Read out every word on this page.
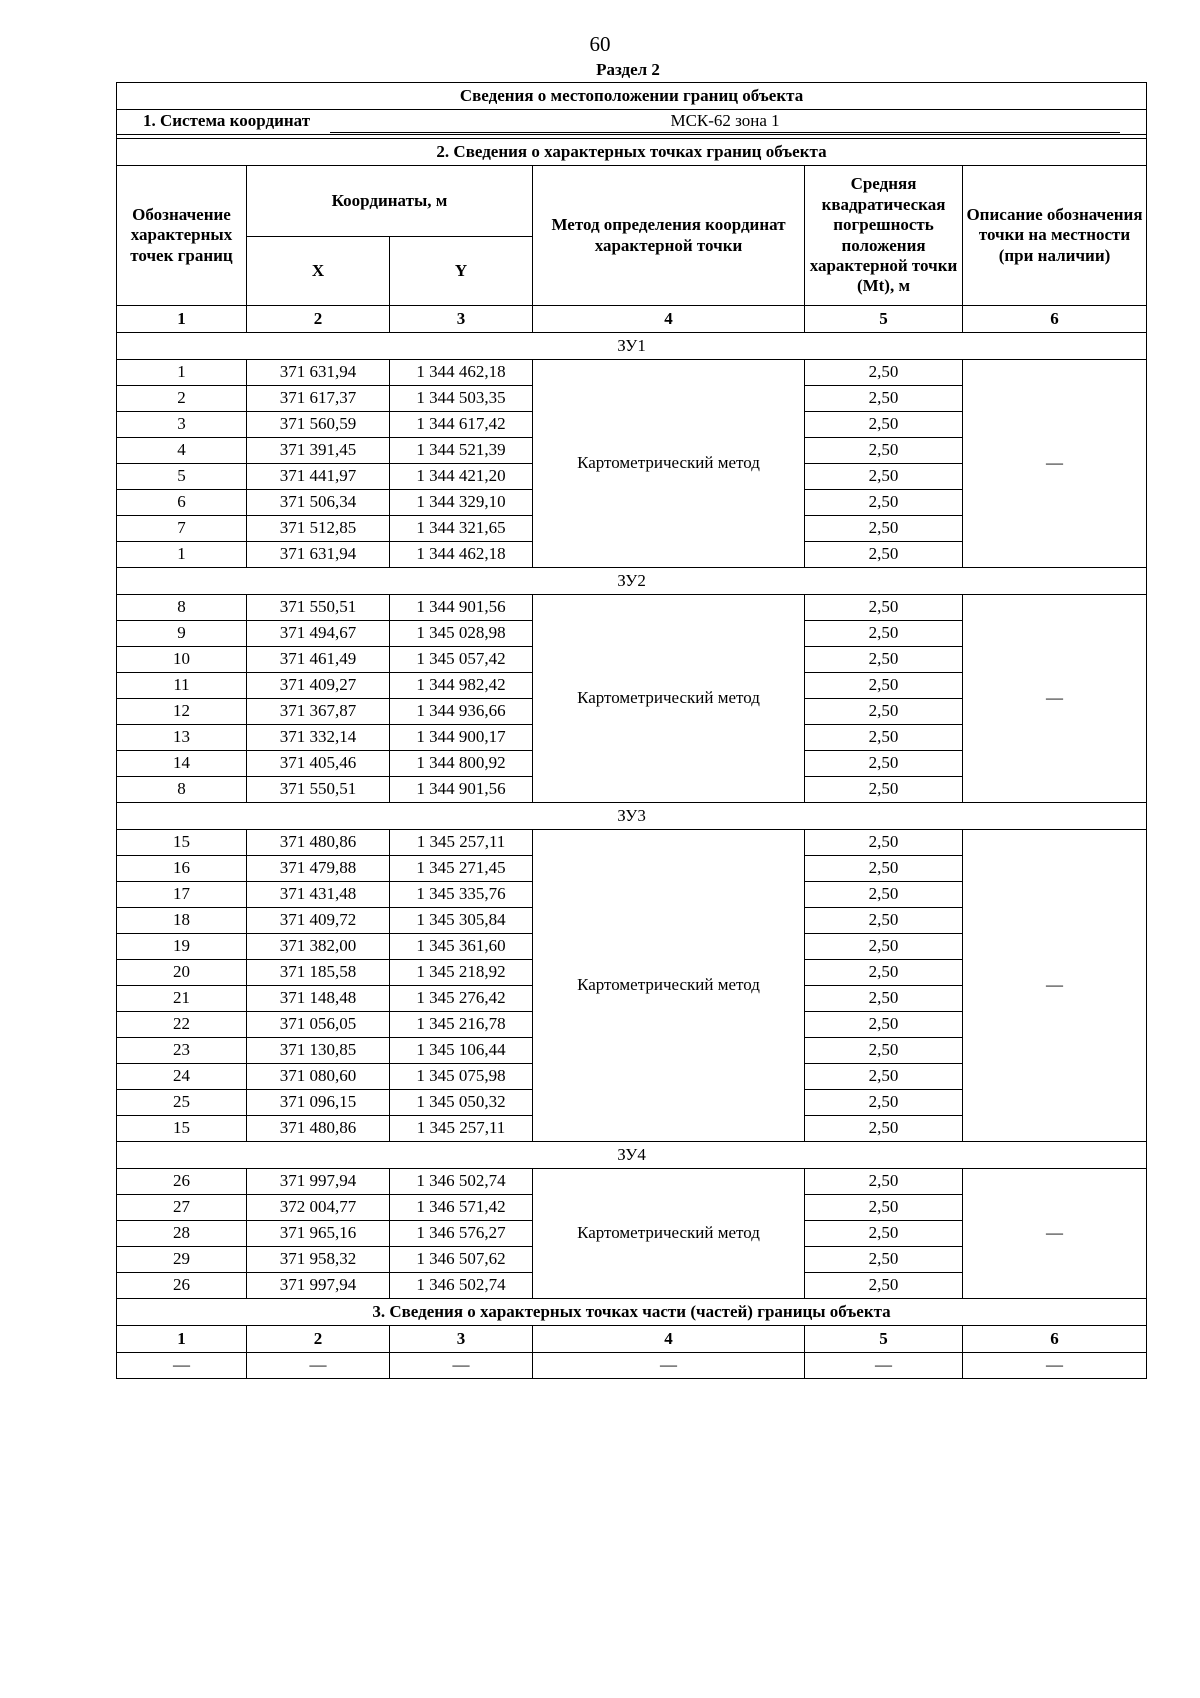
60
Раздел 2
Сведения о местоположении границ объекта					
1. Система координат МСК-62 зона 1					

2. Сведения о характерных точках границ объекта					
Обозначение характерных точек границ	Координаты, м		Метод определения координат характерной точки	Средняя квадратическая погрешность положения характерной точки (Mt), м	Описание обозначения точки на местности (при наличии)
	X	Y			
1	2	3	4	5	6
ЗУ1					
1	371 631,94	1 344 462,18	Картометрический метод	2,50	—
2	371 617,37	1 344 503,35		2,50	
3	371 560,59	1 344 617,42		2,50	
4	371 391,45	1 344 521,39		2,50	
5	371 441,97	1 344 421,20		2,50	
6	371 506,34	1 344 329,10		2,50	
7	371 512,85	1 344 321,65		2,50	
1	371 631,94	1 344 462,18		2,50	
ЗУ2					
8	371 550,51	1 344 901,56	Картометрический метод	2,50	—
9	371 494,67	1 345 028,98		2,50	
10	371 461,49	1 345 057,42		2,50	
11	371 409,27	1 344 982,42		2,50	
12	371 367,87	1 344 936,66		2,50	
13	371 332,14	1 344 900,17		2,50	
14	371 405,46	1 344 800,92		2,50	
8	371 550,51	1 344 901,56		2,50	
ЗУ3					
15	371 480,86	1 345 257,11	Картометрический метод	2,50	—
16	371 479,88	1 345 271,45		2,50	
17	371 431,48	1 345 335,76		2,50	
18	371 409,72	1 345 305,84		2,50	
19	371 382,00	1 345 361,60		2,50	
20	371 185,58	1 345 218,92		2,50	
21	371 148,48	1 345 276,42		2,50	
22	371 056,05	1 345 216,78		2,50	
23	371 130,85	1 345 106,44		2,50	
24	371 080,60	1 345 075,98		2,50	
25	371 096,15	1 345 050,32		2,50	
15	371 480,86	1 345 257,11		2,50	
ЗУ4					
26	371 997,94	1 346 502,74	Картометрический метод	2,50	—
27	372 004,77	1 346 571,42		2,50	
28	371 965,16	1 346 576,27		2,50	
29	371 958,32	1 346 507,62		2,50	
26	371 997,94	1 346 502,74		2,50	
3. Сведения о характерных точках части (частей) границы объекта					
1	2	3	4	5	6
—	—	—	—	—	—
